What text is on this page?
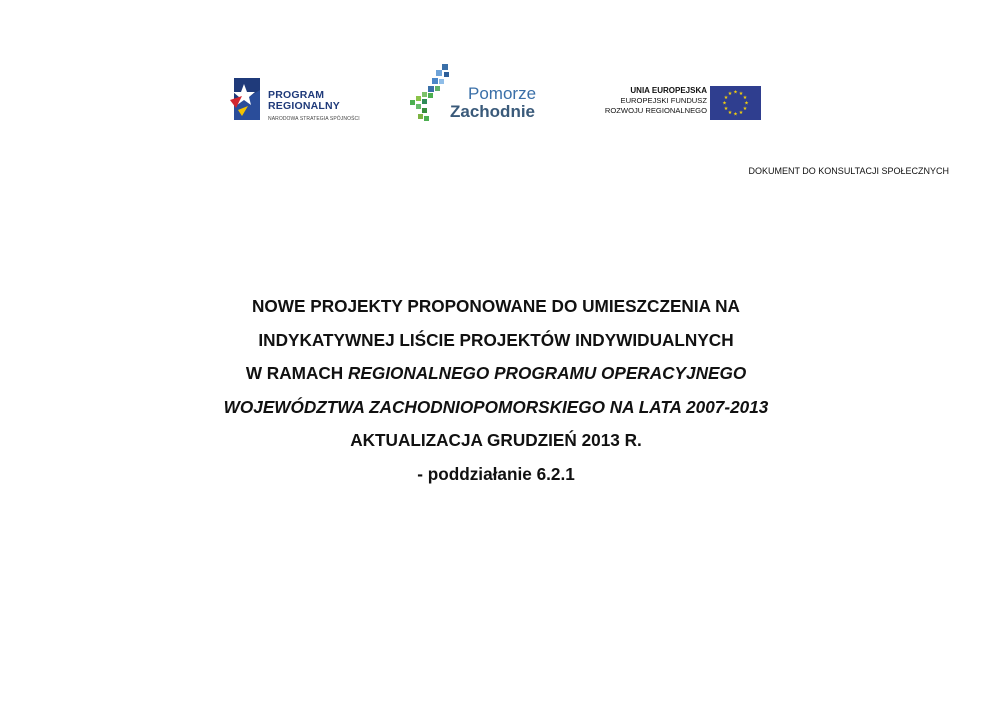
PROGRAM
REGIONALNY
NARODOWA STRATEGIA SPÓJNOŚCI
Pomorze
Zachodnie
UNIA EUROPEJSKA
EUROPEJSKI FUNDUSZ
ROZWOJU REGIONALNEGO
★ ★
★
★
★
★
★
★
★
★
★
★
DOKUMENT DO KONSULTACJI SPOŁECZNYCH
NOWE PROJEKTY PROPONOWANE DO UMIESZCZENIA NA
INDYKATYWNEJ LIŚCIE PROJEKTÓW INDYWIDUALNYCH
W RAMACH REGIONALNEGO PROGRAMU OPERACYJNEGO
WOJEWÓDZTWA ZACHODNIOPOMORSKIEGO NA LATA 2007-2013
AKTUALIZACJA GRUDZIEŃ 2013 R.
- poddziałanie 6.2.1
